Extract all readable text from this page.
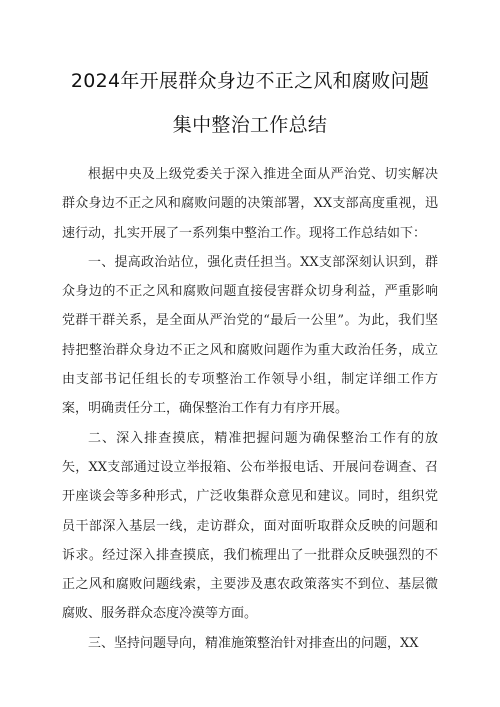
2024年开展群众身边不正之风和腐败问题
集中整治工作总结

根据中央及上级党委关于深入推进全面从严治党、切实解决群众身边不正之风和腐败问题的决策部署，XX支部高度重视，迅速行动，扎实开展了一系列集中整治工作。现将工作总结如下：

一、提高政治站位，强化责任担当。XX支部深刻认识到，群众身边的不正之风和腐败问题直接侵害群众切身利益，严重影响党群干群关系，是全面从严治党的“最后一公里”。为此，我们坚持把整治群众身边不正之风和腐败问题作为重大政治任务，成立由支部书记任组长的专项整治工作领导小组，制定详细工作方案，明确责任分工，确保整治工作有力有序开展。

二、深入排查摸底，精准把握问题为确保整治工作有的放矢，XX支部通过设立举报箱、公布举报电话、开展问卷调查、召开座谈会等多种形式，广泛收集群众意见和建议。同时，组织党员干部深入基层一线，走访群众，面对面听取群众反映的问题和诉求。经过深入排查摸底，我们梳理出了一批群众反映强烈的不正之风和腐败问题线索，主要涉及惠农政策落实不到位、基层微腐败、服务群众态度冷漠等方面。

三、坚持问题导向，精准施策整治针对排查出的问题，XX
